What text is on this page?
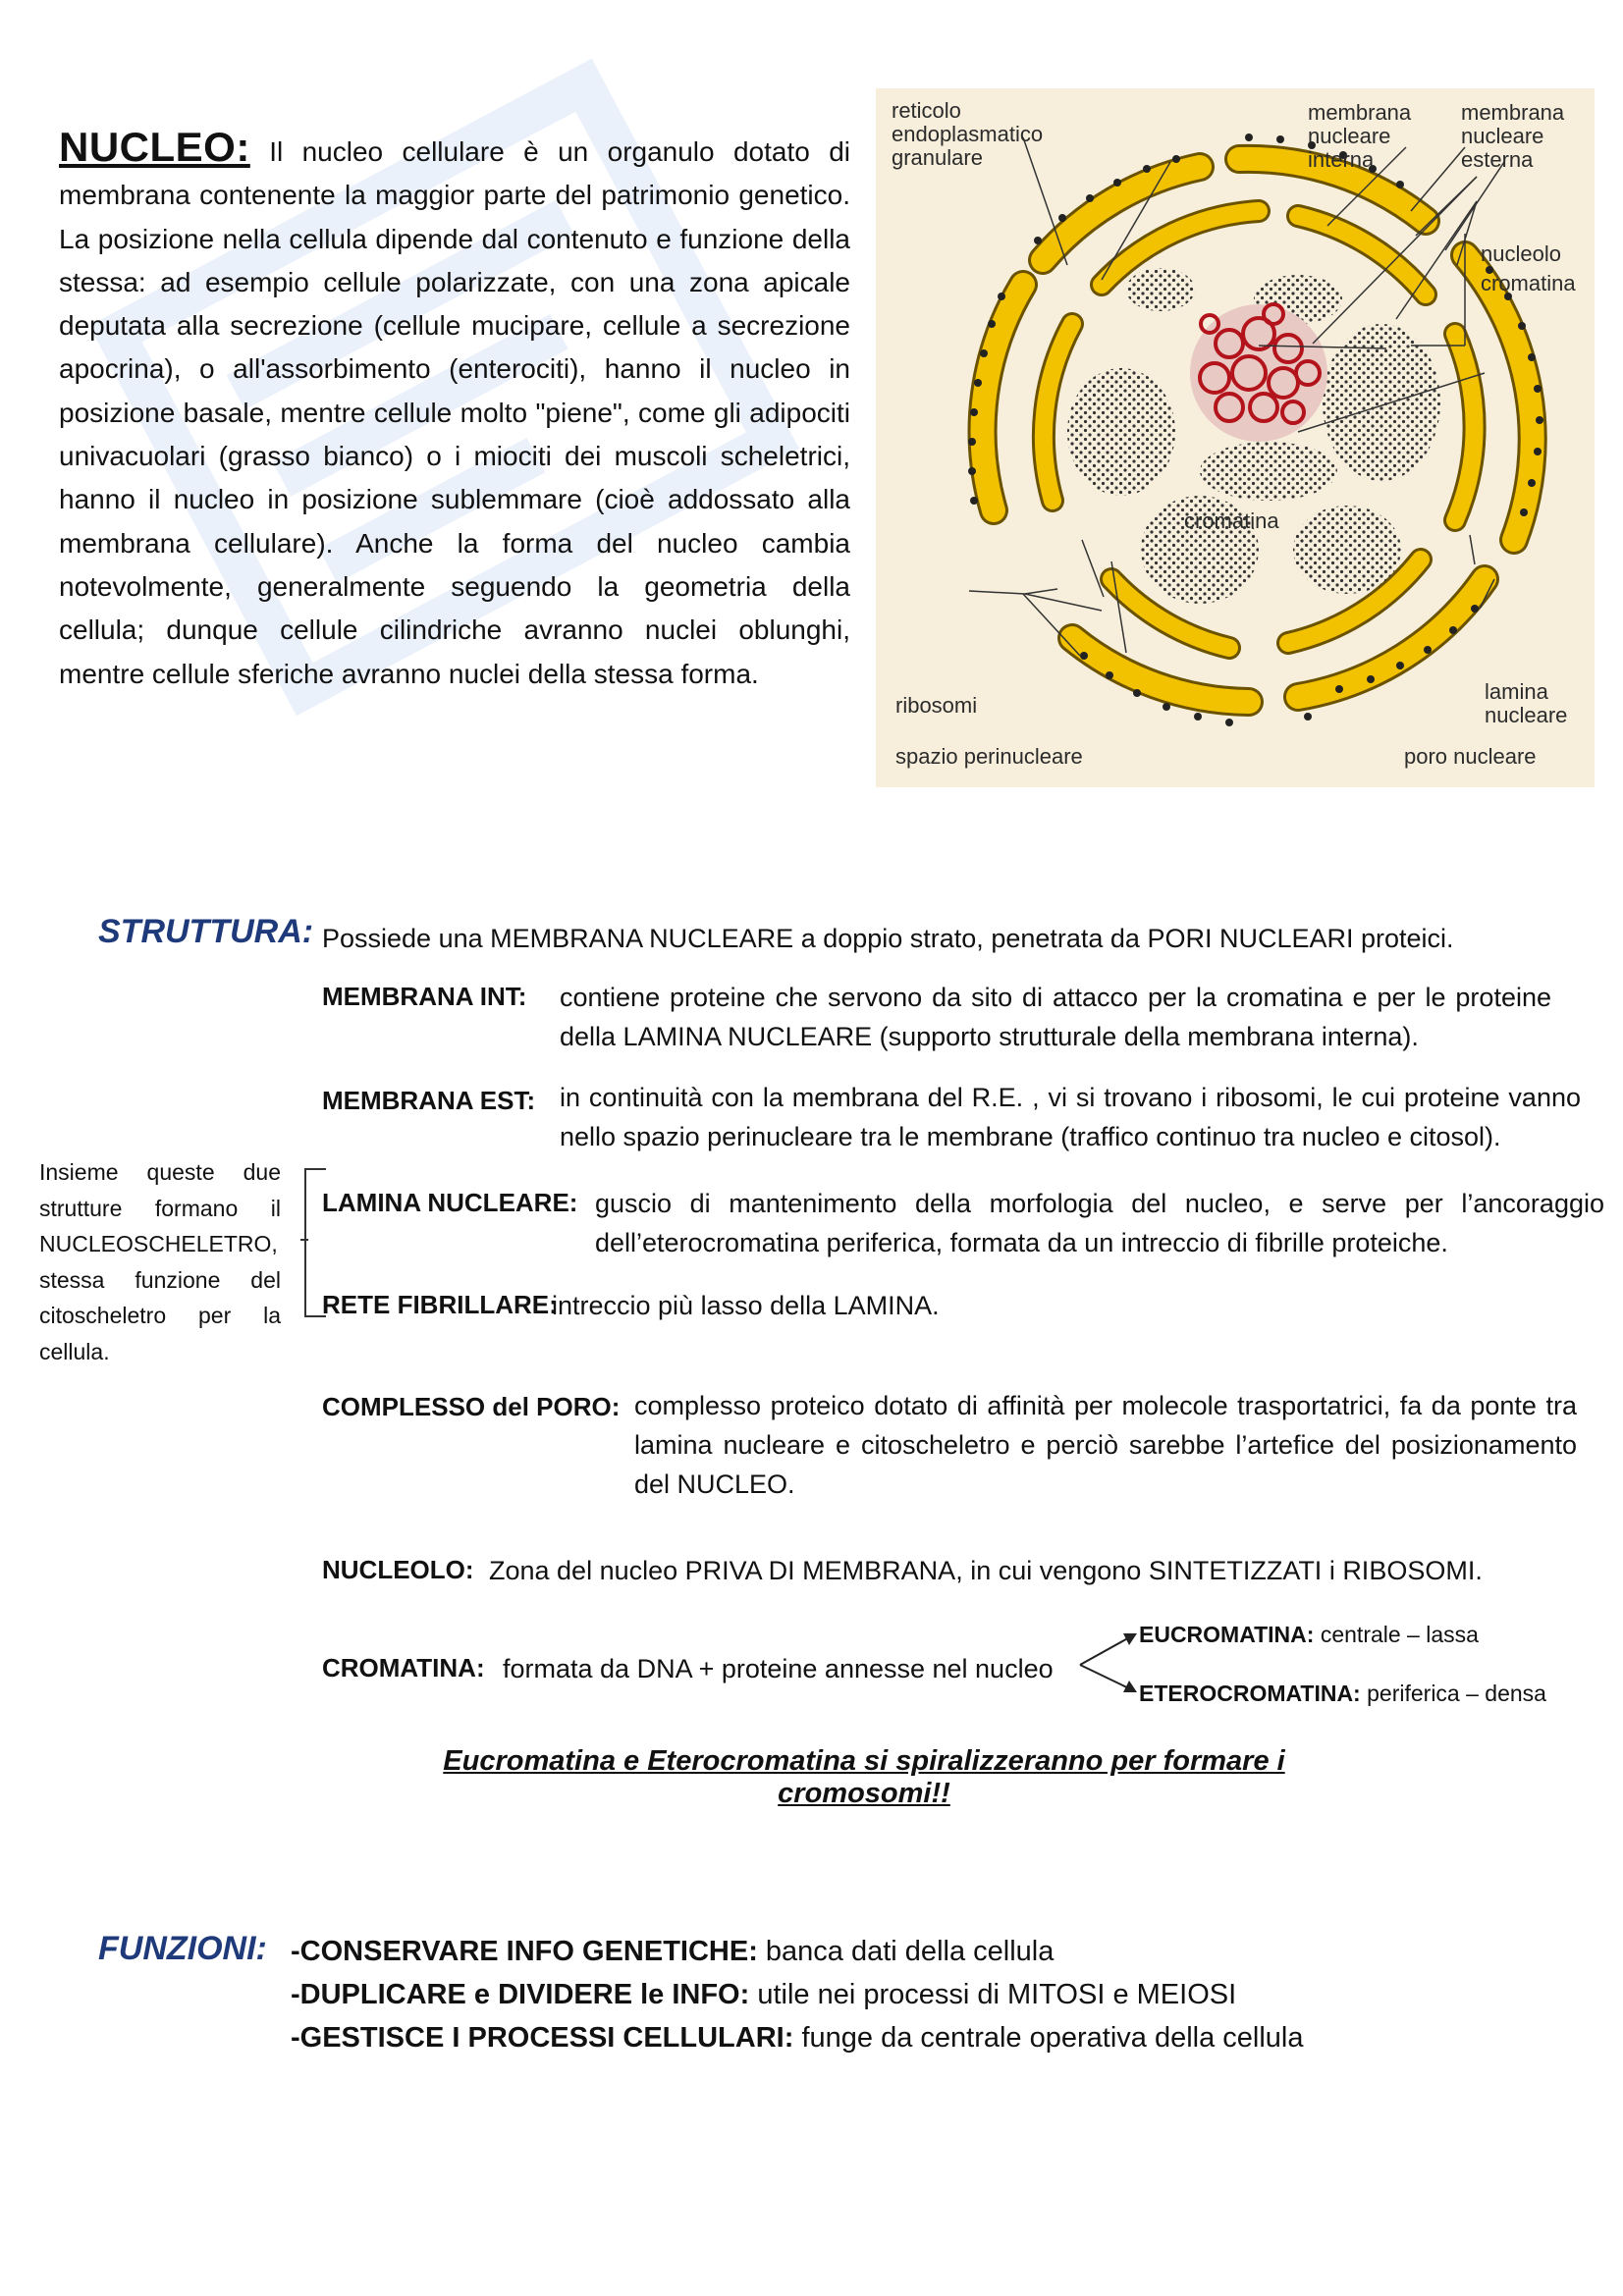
NUCLEO: Il nucleo cellulare è un organulo dotato di membrana contenente la maggior parte del patrimonio genetico. La posizione nella cellula dipende dal contenuto e funzione della stessa: ad esempio cellule polarizzate, con una zona apicale deputata alla secrezione (cellule mucipare, cellule a secrezione apocrina), o all'assorbimento (enterociti), hanno il nucleo in posizione basale, mentre cellule molto "piene", come gli adipociti univacuolari (grasso bianco) o i miociti dei muscoli scheletrici, hanno il nucleo in posizione sublemmare (cioè addossato alla membrana cellulare). Anche la forma del nucleo cambia notevolmente, generalmente seguendo la geometria della cellula; dunque cellule cilindriche avranno nuclei oblunghi, mentre cellule sferiche avranno nuclei della stessa forma.
reticolo
endoplasmatico
granulare
membrana
nucleare
interna
membrana
nucleare
esterna
nucleolo
cromatina
cromatina
ribosomi
spazio perinucleare
lamina
nucleare
poro nucleare
STRUTTURA: Possiede una MEMBRANA NUCLEARE a doppio strato, penetrata da PORI NUCLEARI proteici.
MEMBRANA INT: contiene proteine che servono da sito di attacco per la cromatina e per le proteine della LAMINA NUCLEARE (supporto strutturale della membrana interna).
MEMBRANA EST: in continuità con la membrana del R.E. , vi si trovano i ribosomi, le cui proteine vanno nello spazio perinucleare tra le membrane (traffico continuo tra nucleo e citosol).
Insieme queste due strutture formano il NUCLEOSCHELETRO, stessa funzione del citoscheletro per la cellula.
LAMINA NUCLEARE: guscio di mantenimento della morfologia del nucleo, e serve per l’ancoraggio dell’eterocromatina periferica, formata da un intreccio di fibrille proteiche.
RETE FIBRILLARE:
intreccio più lasso della LAMINA.
COMPLESSO del PORO: complesso proteico dotato di affinità per molecole trasportatrici, fa da ponte tra lamina nucleare e citoscheletro e perciò sarebbe l’artefice del posizionamento del NUCLEO.
NUCLEOLO: Zona del nucleo PRIVA DI MEMBRANA, in cui vengono SINTETIZZATI i RIBOSOMI.
CROMATINA: formata da DNA + proteine annesse nel nucleo
EUCROMATINA: centrale – lassa
ETEROCROMATINA: periferica – densa
Eucromatina e Eterocromatina si spiralizzeranno per formare i cromosomi!!
FUNZIONI: -CONSERVARE INFO GENETICHE: banca dati della cellula
-DUPLICARE e DIVIDERE le INFO: utile nei processi di MITOSI e MEIOSI
-GESTISCE I PROCESSI CELLULARI: funge da centrale operativa della cellula
